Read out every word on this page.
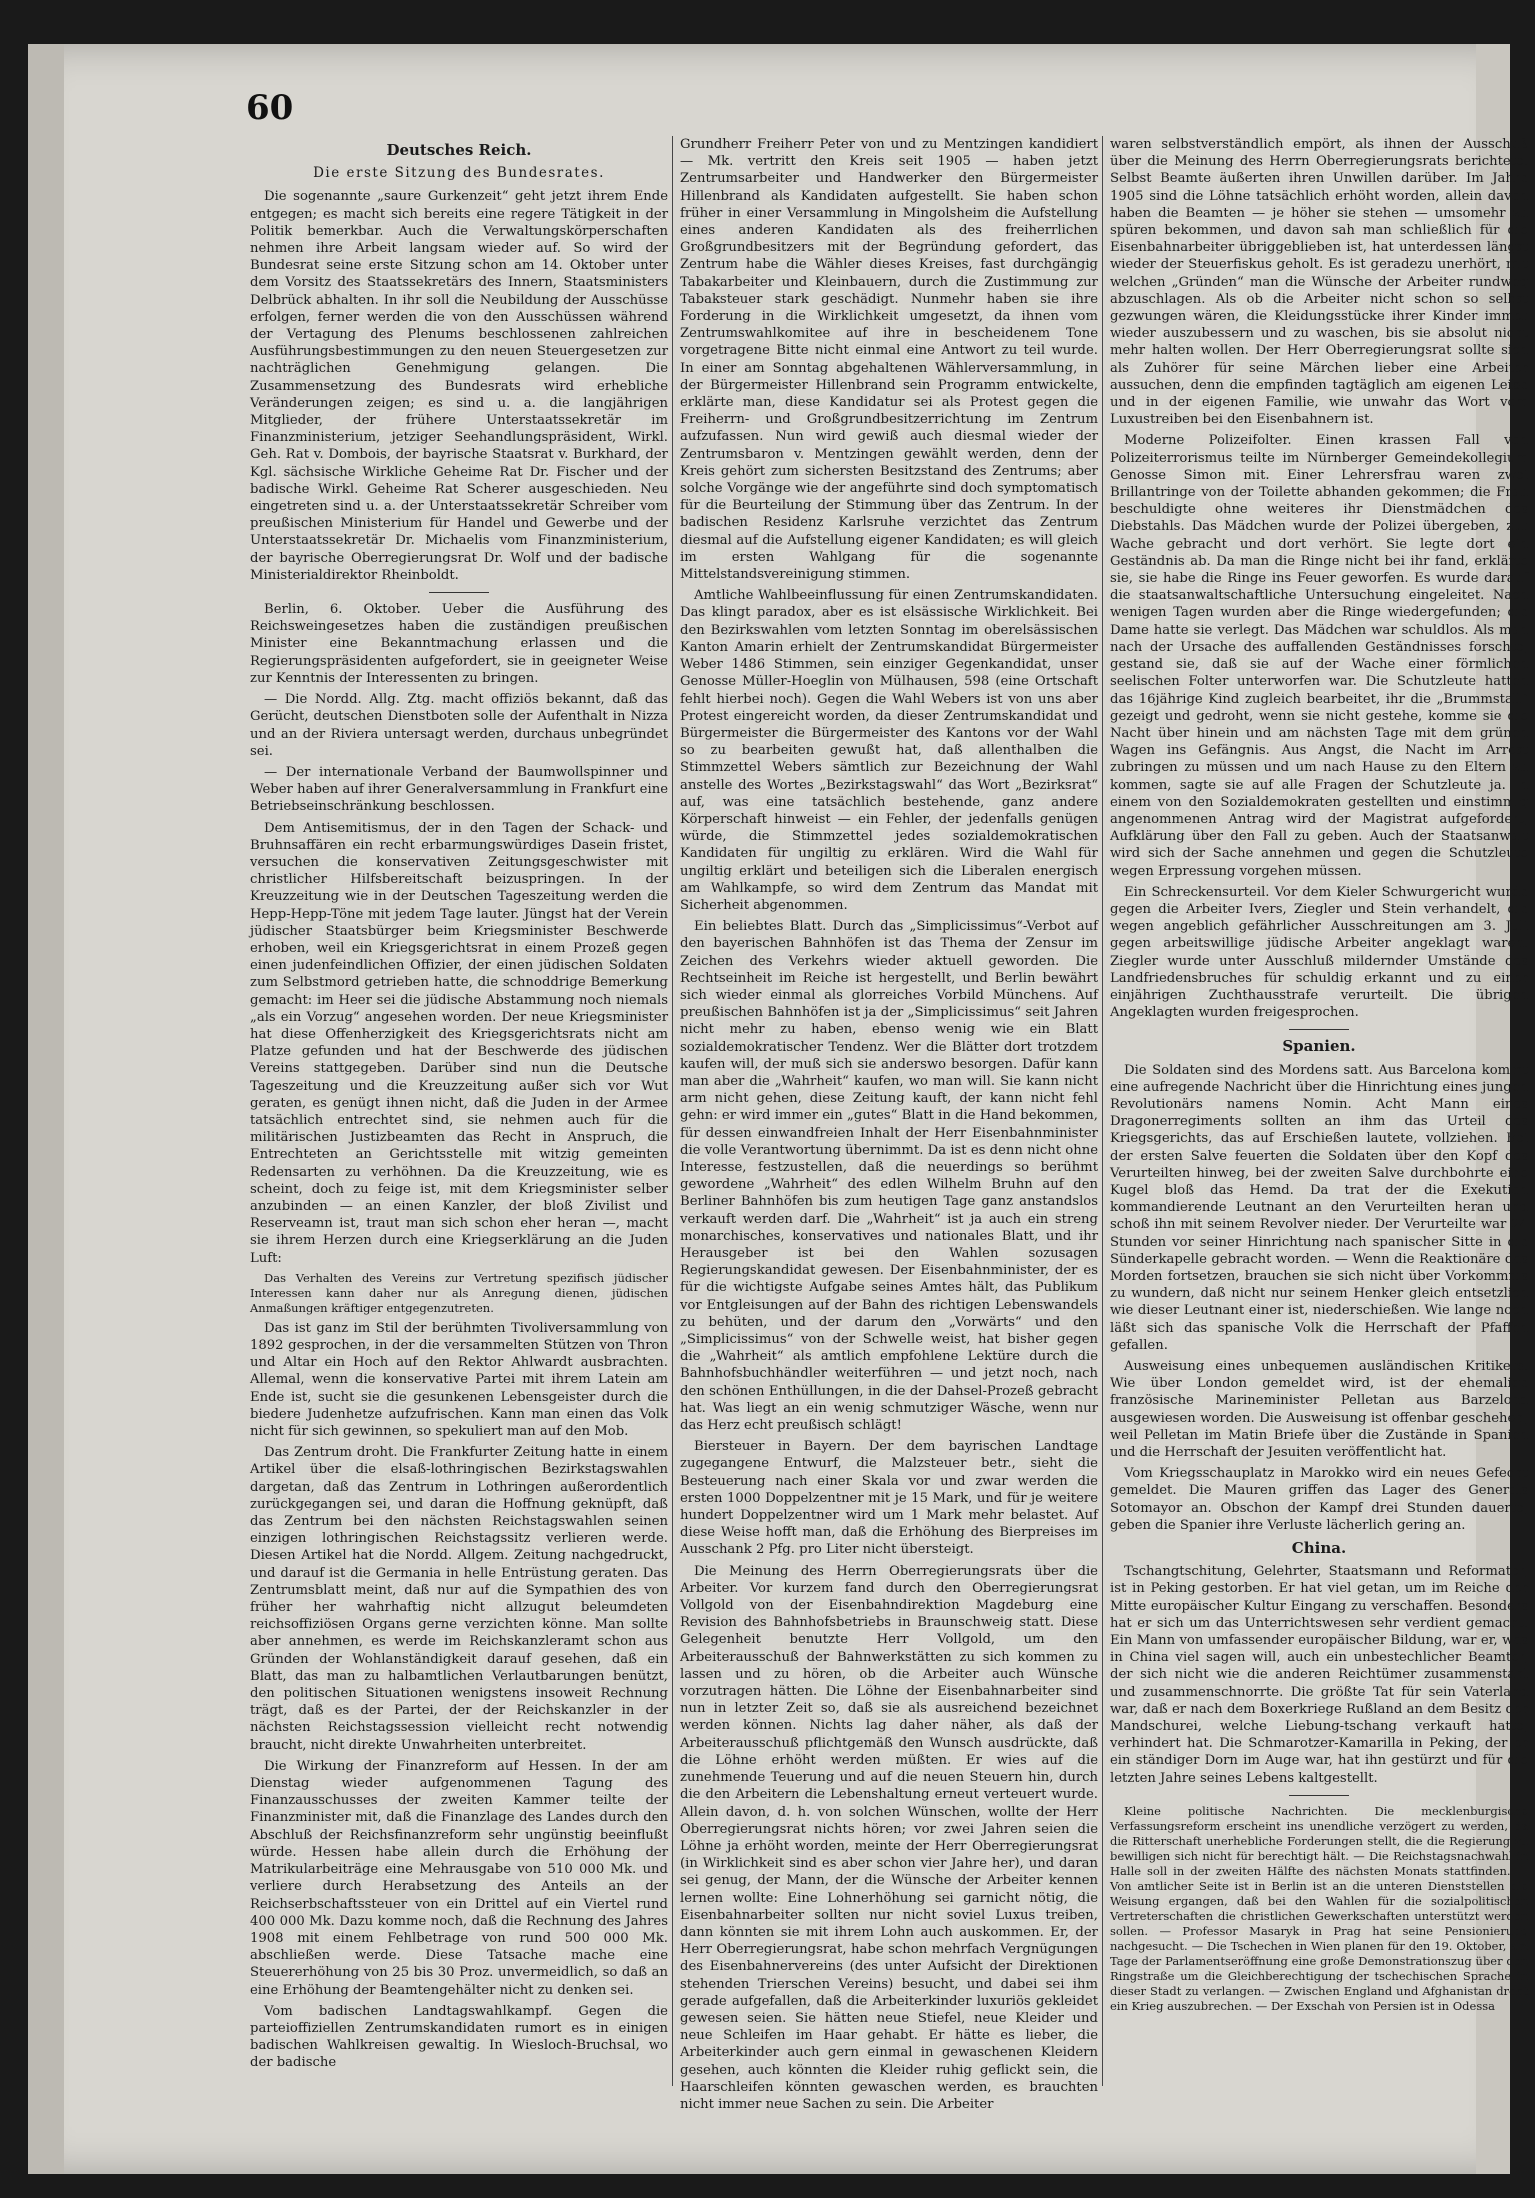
60
Deutsches Reich.
Die erste Sitzung des Bundesrates.

Die sogenannte „saure Gurkenzeit“ geht jetzt ihrem Ende entgegen; es macht sich bereits eine regere Tätigkeit in der Politik bemerkbar. Auch die Verwaltungskörperschaften nehmen ihre Arbeit langsam wieder auf. So wird der Bundesrat seine erste Sitzung schon am 14. Oktober unter dem Vorsitz des Staatssekretärs des Innern, Staatsministers Delbrück abhalten. In ihr soll die Neubildung der Ausschüsse erfolgen, ferner werden die von den Ausschüssen während der Vertagung des Plenums beschlossenen zahlreichen Ausführungsbestimmungen zu den neuen Steuergesetzen zur nachträglichen Genehmigung gelangen. Die Zusammensetzung des Bundesrats wird erhebliche Veränderungen zeigen; es sind u. a. die langjährigen Mitglieder, der frühere Unterstaatssekretär im Finanzministerium, jetziger Seehandlungspräsident, Wirkl. Geh. Rat v. Dombois, der bayrische Staatsrat v. Burkhard, der Kgl. sächsische Wirkliche Geheime Rat Dr. Fischer und der badische Wirkl. Geheime Rat Scherer ausgeschieden. Neu eingetreten sind u. a. der Unterstaatssekretär Schreiber vom preußischen Ministerium für Handel und Gewerbe und der Unterstaatssekretär Dr. Michaelis vom Finanzministerium, der bayrische Oberregierungsrat Dr. Wolf und der badische Ministerialdirektor Rheinboldt.

Berlin, 6. Oktober. Ueber die Ausführung des Reichsweingesetzes haben die zuständigen preußischen Minister eine Bekanntmachung erlassen und die Regierungspräsidenten aufgefordert, sie in geeigneter Weise zur Kenntnis der Interessenten zu bringen.

— Die Nordd. Allg. Ztg. macht offiziös bekannt, daß das Gerücht, deutschen Dienstboten solle der Aufenthalt in Nizza und an der Riviera untersagt werden, durchaus unbegründet sei.

— Der internationale Verband der Baumwollspinner und Weber haben auf ihrer Generalversammlung in Frankfurt eine Betriebseinschränkung beschlossen.

Dem Antisemitismus, der in den Tagen der Schack- und Bruhnsaffären ein recht erbarmungswürdiges Dasein fristet, versuchen die konservativen Zeitungsgeschwister mit christlicher Hilfsbereitschaft beizuspringen. In der Kreuzzeitung wie in der Deutschen Tageszeitung werden die Hepp-Hepp-Töne mit jedem Tage lauter. Jüngst hat der Verein jüdischer Staatsbürger beim Kriegsminister Beschwerde erhoben, weil ein Kriegsgerichtsrat in einem Prozeß gegen einen judenfeindlichen Offizier, der einen jüdischen Soldaten zum Selbstmord getrieben hatte, die schnoddrige Bemerkung gemacht: im Heer sei die jüdische Abstammung noch niemals „als ein Vorzug“ angesehen worden. Der neue Kriegsminister hat diese Offenherzigkeit des Kriegsgerichtsrats nicht am Platze gefunden und hat der Beschwerde des jüdischen Vereins stattgegeben. Darüber sind nun die Deutsche Tageszeitung und die Kreuzzeitung außer sich vor Wut geraten, es genügt ihnen nicht, daß die Juden in der Armee tatsächlich entrechtet sind, sie nehmen auch für die militärischen Justizbeamten das Recht in Anspruch, die Entrechteten an Gerichtsstelle mit witzig gemeinten Redensarten zu verhöhnen. Da die Kreuzzeitung, wie es scheint, doch zu feige ist, mit dem Kriegsminister selber anzubinden — an einen Kanzler, der bloß Zivilist und Reserveamn ist, traut man sich schon eher heran —, macht sie ihrem Herzen durch eine Kriegserklärung an die Juden Luft:

Das Verhalten des Vereins zur Vertretung spezifisch jüdischer Interessen kann daher nur als Anregung dienen, jüdischen Anmaßungen kräftiger entgegenzutreten.

Das ist ganz im Stil der berühmten Tivoliversammlung von 1892 gesprochen, in der die versammelten Stützen von Thron und Altar ein Hoch auf den Rektor Ahlwardt ausbrachten. Allemal, wenn die konservative Partei mit ihrem Latein am Ende ist, sucht sie die gesunkenen Lebensgeister durch die biedere Judenhetze aufzufrischen. Kann man einen das Volk nicht für sich gewinnen, so spekuliert man auf den Mob.

Das Zentrum droht. Die Frankfurter Zeitung hatte in einem Artikel über die elsaß-lothringischen Bezirkstagswahlen dargetan, daß das Zentrum in Lothringen außerordentlich zurückgegangen sei, und daran die Hoffnung geknüpft, daß das Zentrum bei den nächsten Reichstagswahlen seinen einzigen lothringischen Reichstagssitz verlieren werde. Diesen Artikel hat die Nordd. Allgem. Zeitung nachgedruckt, und darauf ist die Germania in helle Entrüstung geraten. Das Zentrumsblatt meint, daß nur auf die Sympathien des von früher her wahrhaftig nicht allzugut beleumdeten reichsoffiziösen Organs gerne verzichten könne. Man sollte aber annehmen, es werde im Reichskanzleramt schon aus Gründen der Wohlanständigkeit darauf gesehen, daß ein Blatt, das man zu halbamtlichen Verlautbarungen benützt, den politischen Situationen wenigstens insoweit Rechnung trägt, daß es der Partei, der der Reichskanzler in der nächsten Reichstagssession vielleicht recht notwendig braucht, nicht direkte Unwahrheiten unterbreitet.

Die Wirkung der Finanzreform auf Hessen. In der am Dienstag wieder aufgenommenen Tagung des Finanzausschusses der zweiten Kammer teilte der Finanzminister mit, daß die Finanzlage des Landes durch den Abschluß der Reichsfinanzreform sehr ungünstig beeinflußt würde. Hessen habe allein durch die Erhöhung der Matrikularbeiträge eine Mehrausgabe von 510 000 Mk. und verliere durch Herabsetzung des Anteils an der Reichserbschaftssteuer von ein Drittel auf ein Viertel rund 400 000 Mk. Dazu komme noch, daß die Rechnung des Jahres 1908 mit einem Fehlbetrage von rund 500 000 Mk. abschließen werde. Diese Tatsache mache eine Steuererhöhung von 25 bis 30 Proz. unvermeidlich, so daß an eine Erhöhung der Beamtengehälter nicht zu denken sei.

Vom badischen Landtagswahlkampf. Gegen die parteioffiziellen Zentrumskandidaten rumort es in einigen badischen Wahlkreisen gewaltig. In Wiesloch-Bruchsal, wo der badische

Grundherr Freiherr Peter von und zu Mentzingen kandidiert — Mk. vertritt den Kreis seit 1905 — haben jetzt Zentrumsarbeiter und Handwerker den Bürgermeister Hillenbrand als Kandidaten aufgestellt. Sie haben schon früher in einer Versammlung in Mingolsheim die Aufstellung eines anderen Kandidaten als des freiherrlichen Großgrundbesitzers mit der Begründung gefordert, das Zentrum habe die Wähler dieses Kreises, fast durchgängig Tabakarbeiter und Kleinbauern, durch die Zustimmung zur Tabaksteuer stark geschädigt. Nunmehr haben sie ihre Forderung in die Wirklichkeit umgesetzt, da ihnen vom Zentrumswahlkomitee auf ihre in bescheidenem Tone vorgetragene Bitte nicht einmal eine Antwort zu teil wurde. In einer am Sonntag abgehaltenen Wählerversammlung, in der Bürgermeister Hillenbrand sein Programm entwickelte, erklärte man, diese Kandidatur sei als Protest gegen die Freiherrn- und Großgrundbesitzerrichtung im Zentrum aufzufassen. Nun wird gewiß auch diesmal wieder der Zentrumsbaron v. Mentzingen gewählt werden, denn der Kreis gehört zum sichersten Besitzstand des Zentrums; aber solche Vorgänge wie der angeführte sind doch symptomatisch für die Beurteilung der Stimmung über das Zentrum. In der badischen Residenz Karlsruhe verzichtet das Zentrum diesmal auf die Aufstellung eigener Kandidaten; es will gleich im ersten Wahlgang für die sogenannte Mittelstandsvereinigung stimmen.

Amtliche Wahlbeeinflussung für einen Zentrumskandidaten. Das klingt paradox, aber es ist elsässische Wirklichkeit. Bei den Bezirkswahlen vom letzten Sonntag im oberelsässischen Kanton Amarin erhielt der Zentrumskandidat Bürgermeister Weber 1486 Stimmen, sein einziger Gegenkandidat, unser Genosse Müller-Hoeglin von Mülhausen, 598 (eine Ortschaft fehlt hierbei noch). Gegen die Wahl Webers ist von uns aber Protest eingereicht worden, da dieser Zentrumskandidat und Bürgermeister die Bürgermeister des Kantons vor der Wahl so zu bearbeiten gewußt hat, daß allenthalben die Stimmzettel Webers sämtlich zur Bezeichnung der Wahl anstelle des Wortes „Bezirkstagswahl“ das Wort „Bezirksrat“ auf, was eine tatsächlich bestehende, ganz andere Körperschaft hinweist — ein Fehler, der jedenfalls genügen würde, die Stimmzettel jedes sozialdemokratischen Kandidaten für ungiltig zu erklären. Wird die Wahl für ungiltig erklärt und beteiligen sich die Liberalen energisch am Wahlkampfe, so wird dem Zentrum das Mandat mit Sicherheit abgenommen.

Ein beliebtes Blatt. Durch das „Simplicissimus“-Verbot auf den bayerischen Bahnhöfen ist das Thema der Zensur im Zeichen des Verkehrs wieder aktuell geworden. Die Rechtseinheit im Reiche ist hergestellt, und Berlin bewährt sich wieder einmal als glorreiches Vorbild Münchens. Auf preußischen Bahnhöfen ist ja der „Simplicissimus“ seit Jahren nicht mehr zu haben, ebenso wenig wie ein Blatt sozialdemokratischer Tendenz. Wer die Blätter dort trotzdem kaufen will, der muß sich sie anderswo besorgen. Dafür kann man aber die „Wahrheit“ kaufen, wo man will. Sie kann nicht arm nicht gehen, diese Zeitung kauft, der kann nicht fehl gehn: er wird immer ein „gutes“ Blatt in die Hand bekommen, für dessen einwandfreien Inhalt der Herr Eisenbahnminister die volle Verantwortung übernimmt. Da ist es denn nicht ohne Interesse, festzustellen, daß die neuerdings so berühmt gewordene „Wahrheit“ des edlen Wilhelm Bruhn auf den Berliner Bahnhöfen bis zum heutigen Tage ganz anstandslos verkauft werden darf. Die „Wahrheit“ ist ja auch ein streng monarchisches, konservatives und nationales Blatt, und ihr Herausgeber ist bei den Wahlen sozusagen Regierungskandidat gewesen. Der Eisenbahnminister, der es für die wichtigste Aufgabe seines Amtes hält, das Publikum vor Entgleisungen auf der Bahn des richtigen Lebenswandels zu behüten, und der darum den „Vorwärts“ und den „Simplicissimus“ von der Schwelle weist, hat bisher gegen die „Wahrheit“ als amtlich empfohlene Lektüre durch die Bahnhofsbuchhändler weiterführen — und jetzt noch, nach den schönen Enthüllungen, in die der Dahsel-Prozeß gebracht hat. Was liegt an ein wenig schmutziger Wäsche, wenn nur das Herz echt preußisch schlägt!

Biersteuer in Bayern. Der dem bayrischen Landtage zugegangene Entwurf, die Malzsteuer betr., sieht die Besteuerung nach einer Skala vor und zwar werden die ersten 1000 Doppelzentner mit je 15 Mark, und für je weitere hundert Doppelzentner wird um 1 Mark mehr belastet. Auf diese Weise hofft man, daß die Erhöhung des Bierpreises im Ausschank 2 Pfg. pro Liter nicht übersteigt.

Die Meinung des Herrn Oberregierungsrats über die Arbeiter. Vor kurzem fand durch den Oberregierungsrat Vollgold von der Eisenbahndirektion Magdeburg eine Revision des Bahnhofsbetriebs in Braunschweig statt. Diese Gelegenheit benutzte Herr Vollgold, um den Arbeiterausschuß der Bahnwerkstätten zu sich kommen zu lassen und zu hören, ob die Arbeiter auch Wünsche vorzutragen hätten. Die Löhne der Eisenbahnarbeiter sind nun in letzter Zeit so, daß sie als ausreichend bezeichnet werden können. Nichts lag daher näher, als daß der Arbeiterausschuß pflichtgemäß den Wunsch ausdrückte, daß die Löhne erhöht werden müßten. Er wies auf die zunehmende Teuerung und auf die neuen Steuern hin, durch die den Arbeitern die Lebenshaltung erneut verteuert wurde. Allein davon, d. h. von solchen Wünschen, wollte der Herr Oberregierungsrat nichts hören; vor zwei Jahren seien die Löhne ja erhöht worden, meinte der Herr Oberregierungsrat (in Wirklichkeit sind es aber schon vier Jahre her), und daran sei genug, der Mann, der die Wünsche der Arbeiter kennen lernen wollte: Eine Lohnerhöhung sei garnicht nötig, die Eisenbahnarbeiter sollten nur nicht soviel Luxus treiben, dann könnten sie mit ihrem Lohn auch auskommen. Er, der Herr Oberregierungsrat, habe schon mehrfach Vergnügungen des Eisenbahnervereins (des unter Aufsicht der Direktionen stehenden Trierschen Vereins) besucht, und dabei sei ihm gerade aufgefallen, daß die Arbeiterkinder luxuriös gekleidet gewesen seien. Sie hätten neue Stiefel, neue Kleider und neue Schleifen im Haar gehabt. Er hätte es lieber, die Arbeiterkinder auch gern einmal in gewaschenen Kleidern gesehen, auch könnten die Kleider ruhig geflickt sein, die Haarschleifen könnten gewaschen werden, es brauchten nicht immer neue Sachen zu sein. Die Arbeiter

waren selbstverständlich empört, als ihnen der Ausschuß über die Meinung des Herrn Oberregierungsrats berichtete. Selbst Beamte äußerten ihren Unwillen darüber. Im Jahre 1905 sind die Löhne tatsächlich erhöht worden, allein davon haben die Beamten — je höher sie stehen — umsomehr zu spüren bekommen, und davon sah man schließlich für die Eisenbahnarbeiter übriggeblieben ist, hat unterdessen längst wieder der Steuerfiskus geholt. Es ist geradezu unerhört, mit welchen „Gründen“ man die Wünsche der Arbeiter rundweg abzuschlagen. Als ob die Arbeiter nicht schon so selbst gezwungen wären, die Kleidungsstücke ihrer Kinder immer wieder auszubessern und zu waschen, bis sie absolut nicht mehr halten wollen. Der Herr Oberregierungsrat sollte sich als Zuhörer für seine Märchen lieber eine Arbeiter aussuchen, denn die empfinden tagtäglich am eigenen Leibe und in der eigenen Familie, wie unwahr das Wort vom Luxustreiben bei den Eisenbahnern ist.

Moderne Polizeifolter. Einen krassen Fall von Polizeiterrorismus teilte im Nürnberger Gemeindekollegium Genosse Simon mit. Einer Lehrersfrau waren zwei Brillantringe von der Toilette abhanden gekommen; die Frau beschuldigte ohne weiteres ihr Dienstmädchen des Diebstahls. Das Mädchen wurde der Polizei übergeben, zur Wache gebracht und dort verhört. Sie legte dort ein Geständnis ab. Da man die Ringe nicht bei ihr fand, erklärte sie, sie habe die Ringe ins Feuer geworfen. Es wurde darauf die staatsanwaltschaftliche Untersuchung eingeleitet. Nach wenigen Tagen wurden aber die Ringe wiedergefunden; die Dame hatte sie verlegt. Das Mädchen war schuldlos. Als man nach der Ursache des auffallenden Geständnisses forschte, gestand sie, daß sie auf der Wache einer förmlichen seelischen Folter unterworfen war. Die Schutzleute hatten das 16jährige Kind zugleich bearbeitet, ihr die „Brummstall“ gezeigt und gedroht, wenn sie nicht gestehe, komme sie die Nacht über hinein und am nächsten Tage mit dem grünen Wagen ins Gefängnis. Aus Angst, die Nacht im Arrest zubringen zu müssen und um nach Hause zu den Eltern zu kommen, sagte sie auf alle Fragen der Schutzleute ja. In einem von den Sozialdemokraten gestellten und einstimmig angenommenen Antrag wird der Magistrat aufgefordert, Aufklärung über den Fall zu geben. Auch der Staatsanwalt wird sich der Sache annehmen und gegen die Schutzleute wegen Erpressung vorgehen müssen.

Ein Schreckensurteil. Vor dem Kieler Schwurgericht wurde gegen die Arbeiter Ivers, Ziegler und Stein verhandelt, die wegen angeblich gefährlicher Ausschreitungen am 3. Juli gegen arbeitswillige jüdische Arbeiter angeklagt waren. Ziegler wurde unter Ausschluß mildernder Umstände des Landfriedensbruches für schuldig erkannt und zu einer einjährigen Zuchthausstrafe verurteilt. Die übrigen Angeklagten wurden freigesprochen.

Spanien.

Die Soldaten sind des Mordens satt. Aus Barcelona kommt eine aufregende Nachricht über die Hinrichtung eines jungen Revolutionärs namens Nomin. Acht Mann eines Dragonerregiments sollten an ihm das Urteil des Kriegsgerichts, das auf Erschießen lautete, vollziehen. Bei der ersten Salve feuerten die Soldaten über den Kopf des Verurteilten hinweg, bei der zweiten Salve durchbohrte eine Kugel bloß das Hemd. Da trat der die Exekution kommandierende Leutnant an den Verurteilten heran und schoß ihn mit seinem Revolver nieder. Der Verurteilte war 24 Stunden vor seiner Hinrichtung nach spanischer Sitte in die Sünderkapelle gebracht worden. — Wenn die Reaktionäre das Morden fortsetzen, brauchen sie sich nicht über Vorkommnis zu wundern, daß nicht nur seinem Henker gleich entsetzlich wie dieser Leutnant einer ist, niederschießen. Wie lange noch läßt sich das spanische Volk die Herrschaft der Pfaffen gefallen.

Ausweisung eines unbequemen ausländischen Kritikers. Wie über London gemeldet wird, ist der ehemalige französische Marineminister Pelletan aus Barzelona ausgewiesen worden. Die Ausweisung ist offenbar geschehen, weil Pelletan im Matin Briefe über die Zustände in Spanien und die Herrschaft der Jesuiten veröffentlicht hat.

Vom Kriegsschauplatz in Marokko wird ein neues Gefecht gemeldet. Die Mauren griffen das Lager des Generals Sotomayor an. Obschon der Kampf drei Stunden dauerte, geben die Spanier ihre Verluste lächerlich gering an.

China.

Tschangtschitung, Gelehrter, Staatsmann und Reformator, ist in Peking gestorben. Er hat viel getan, um im Reiche der Mitte europäischer Kultur Eingang zu verschaffen. Besonders hat er sich um das Unterrichtswesen sehr verdient gemacht. Ein Mann von umfassender europäischer Bildung, war er, was in China viel sagen will, auch ein unbestechlicher Beamter, der sich nicht wie die anderen Reichtümer zusammenstahl und zusammenschnorrte. Die größte Tat für sein Vaterland war, daß er nach dem Boxerkriege Rußland an dem Besitz der Mandschurei, welche Liebung-tschang verkauft hatte, verhindert hat. Die Schmarotzer-Kamarilla in Peking, der er ein ständiger Dorn im Auge war, hat ihn gestürzt und für die letzten Jahre seines Lebens kaltgestellt.

Kleine politische Nachrichten. Die mecklenburgische Verfassungsreform erscheint ins unendliche verzögert zu werden, da die Ritterschaft unerhebliche Forderungen stellt, die die Regierung zu bewilligen sich nicht für berechtigt hält. — Die Reichstagsnachwahl in Halle soll in der zweiten Hälfte des nächsten Monats stattfinden. — Von amtlicher Seite ist in Berlin ist an die unteren Dienststellen die Weisung ergangen, daß bei den Wahlen für die sozialpolitischen Vertreterschaften die christlichen Gewerkschaften unterstützt werden sollen. — Professor Masaryk in Prag hat seine Pensionierung nachgesucht. — Die Tschechen in Wien planen für den 19. Oktober, am Tage der Parlamentseröffnung eine große Demonstrationszug über den Ringstraße um die Gleichberechtigung der tschechischen Sprache in dieser Stadt zu verlangen. — Zwischen England und Afghanistan droht ein Krieg auszubrechen. — Der Exschah von Persien ist in Odessa
